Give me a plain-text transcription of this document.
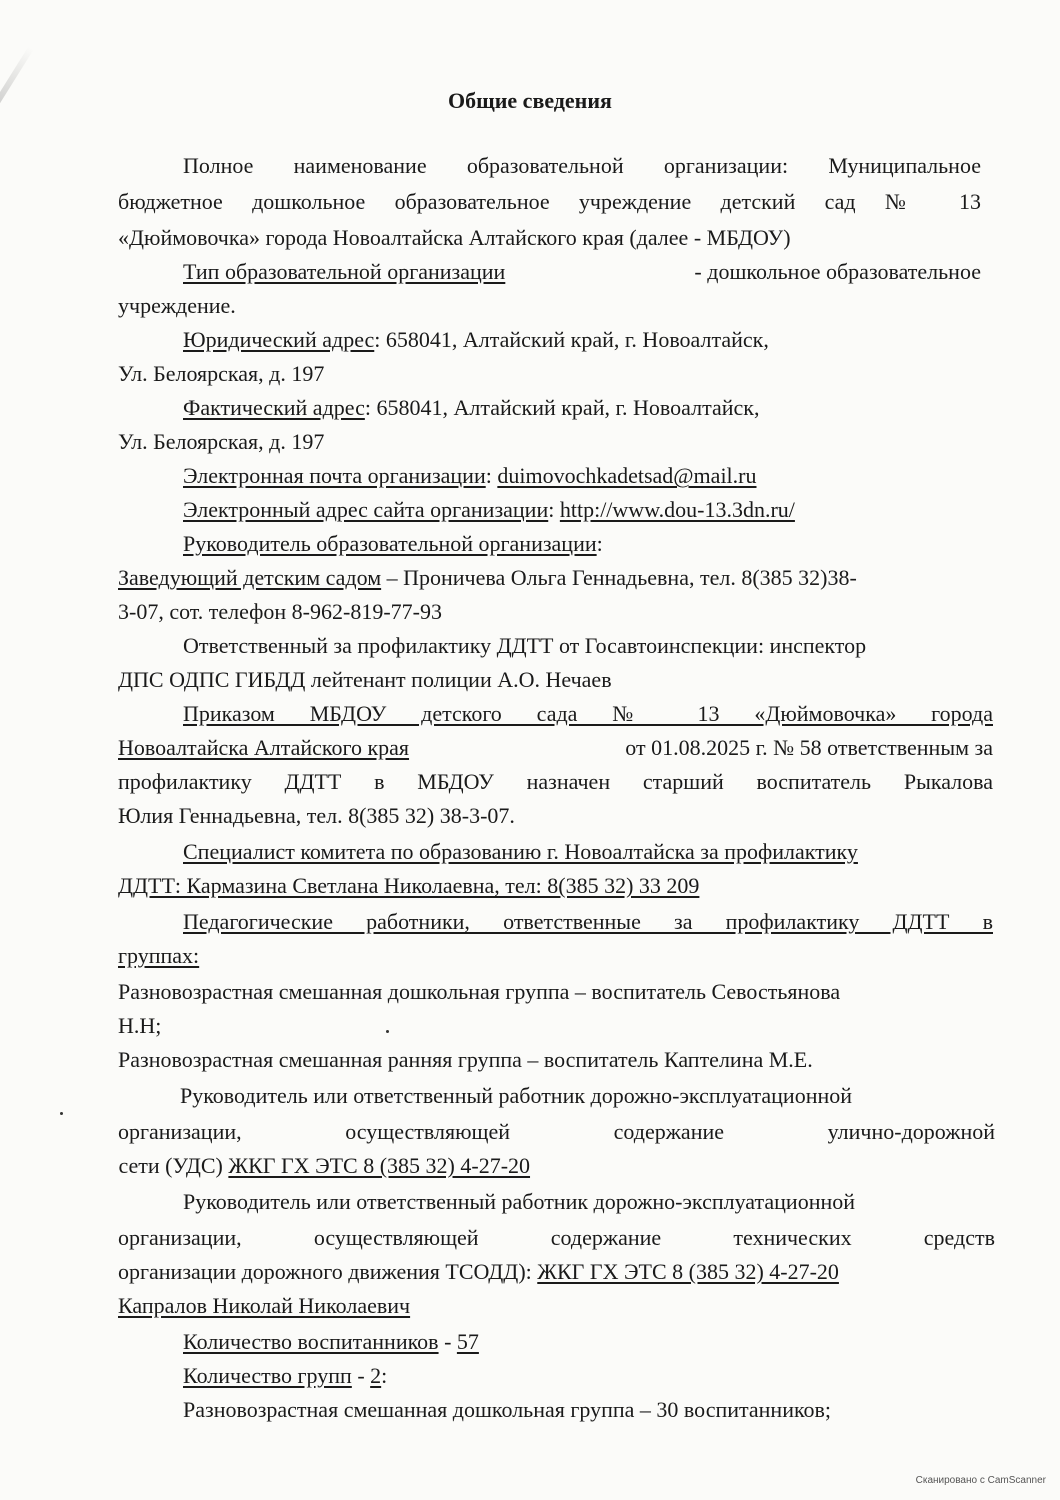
Общие сведения
Полное наименование образовательной организации: Муниципальное
бюджетное дошкольное образовательное учреждение детский сад № 13
«Дюймовочка» города Новоалтайска Алтайского края (далее - МБДОУ)
Тип образовательной организации	- дошкольное образовательное
учреждение.
Юридический адрес: 658041, Алтайский край, г. Новоалтайск,
Ул. Белоярская, д. 197
Фактический адрес: 658041, Алтайский край, г. Новоалтайск,
Ул. Белоярская, д. 197
Электронная почта организации: duimovochkadetsad@mail.ru
Электронный адрес сайта организации: http://www.dou-13.3dn.ru/
Руководитель образовательной организации:
Заведующий детским садом – Проничева Ольга Геннадьевна, тел. 8(385 32)38-
3-07, сот. телефон 8-962-819-77-93
Ответственный за профилактику ДДТТ от Госавтоинспекции: инспектор
ДПС ОДПС ГИБДД лейтенант полиции А.О. Нечаев
Приказом МБДОУ детского сада № 13 «Дюймовочка» города
Новоалтайска Алтайского края	от 01.08.2025 г. № 58 ответственным за
профилактику ДДТТ в МБДОУ назначен старший воспитатель Рыкалова
Юлия Геннадьевна, тел. 8(385 32) 38-3-07.
Специалист комитета по образованию г. Новоалтайска за профилактику
ДДТТ: Кармазина Светлана Николаевна, тел: 8(385 32) 33 209
Педагогические работники, ответственные за профилактику ДДТТ в
группах:
Разновозрастная смешанная дошкольная группа – воспитатель Севостьянова
Н.Н;
Разновозрастная смешанная ранняя группа – воспитатель Каптелина М.Е.
Руководитель или ответственный работник дорожно-эксплуатационной
организации, осуществляющей содержание улично-дорожной
сети (УДС) ЖКГ ГХ ЭТС 8 (385 32) 4-27-20
Руководитель или ответственный работник дорожно-эксплуатационной
организации, осуществляющей содержание технических средств
организации дорожного движения ТСОДД): ЖКГ ГХ ЭТС 8 (385 32) 4-27-20
Капралов Николай Николаевич
Количество воспитанников - 57
Количество групп - 2:
Разновозрастная смешанная дошкольная группа – 30 воспитанников;
Сканировано с CamScanner
